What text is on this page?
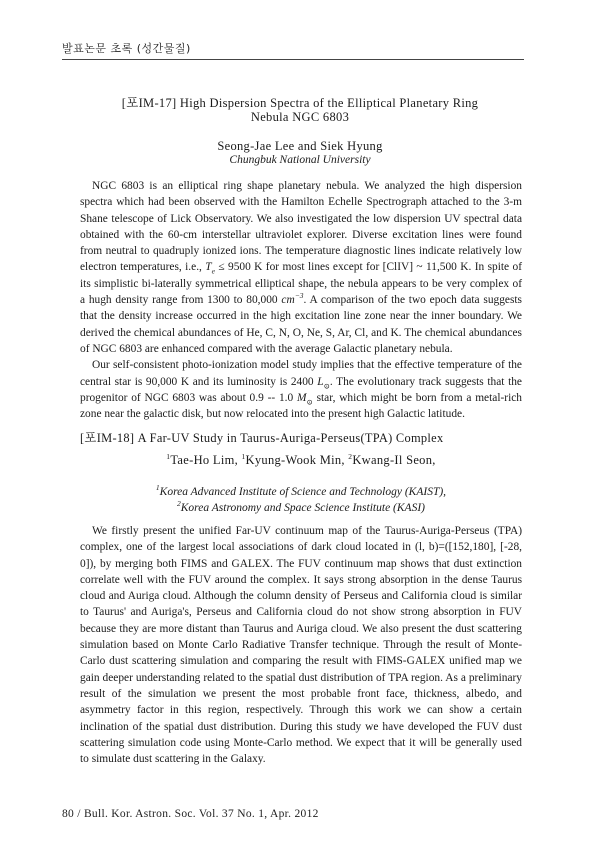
발표논문 초록 (성간물질)
[포IM-17] High Dispersion Spectra of the Elliptical Planetary Ring
Nebula NGC 6803
Seong-Jae Lee and Siek Hyung
Chungbuk National University

NGC 6803 is an elliptical ring shape planetary nebula. We analyzed the high dispersion spectra which had been observed with the Hamilton Echelle Spectrograph attached to the 3-m Shane telescope of Lick Observatory. We also investigated the low dispersion UV spectral data obtained with the 60-cm interstellar ultraviolet explorer. Diverse excitation lines were found from neutral to quadruply ionized ions. The temperature diagnostic lines indicate relatively low electron temperatures, i.e., $T_e \le 9500$ K for most lines except for [ClIV] ~ 11,500 K. In spite of its simplistic bi-laterally symmetrical elliptical shape, the nebula appears to be very complex of a hugh density range from 1300 to 80,000 $cm^{-3}$. A comparison of the two epoch data suggests that the density increase occurred in the high excitation line zone near the inner boundary. We derived the chemical abundances of He, C, N, O, Ne, S, Ar, Cl, and K. The chemical abundances of NGC 6803 are enhanced compared with the average Galactic planetary nebula.

Our self-consistent photo-ionization model study implies that the effective temperature of the central star is 90,000 K and its luminosity is 2400 $L_⊙$. The evolutionary track suggests that the progenitor of NGC 6803 was about 0.9 -- 1.0 $M_⊙$ star, which might be born from a metal-rich zone near the galactic disk, but now relocated into the present high Galactic latitude.

[포IM-18] A Far-UV Study in Taurus-Auriga-Perseus(TPA) Complex
$^1$Tae-Ho Lim, $^1$Kyung-Wook Min, $^2$Kwang-Il Seon,
$^1$Korea Advanced Institute of Science and Technology (KAIST),
$^2$Korea Astronomy and Space Science Institute (KASI)

We firstly present the unified Far-UV continuum map of the Taurus-Auriga-Perseus (TPA) complex, one of the largest local associations of dark cloud located in (l, b)=([152,180], [-28, 0]), by merging both FIMS and GALEX. The FUV continuum map shows that dust extinction correlate well with the FUV around the complex. It says strong absorption in the dense Taurus cloud and Auriga cloud. Although the column density of Perseus and California cloud is similar to Taurus' and Auriga's, Perseus and California cloud do not show strong absorption in FUV because they are more distant than Taurus and Auriga cloud. We also present the dust scattering simulation based on Monte Carlo Radiative Transfer technique. Through the result of Monte-Carlo dust scattering simulation and comparing the result with FIMS-GALEX unified map we gain deeper understanding related to the spatial dust distribution of TPA region. As a preliminary result of the simulation we present the most probable front face, thickness, albedo, and asymmetry factor in this region, respectively. Through this work we can show a certain inclination of the spatial dust distribution. During this study we have developed the FUV dust scattering simulation code using Monte-Carlo method. We expect that it will be generally used to simulate dust scattering in the Galaxy.

80 / Bull. Kor. Astron. Soc. Vol. 37 No. 1, Apr. 2012
